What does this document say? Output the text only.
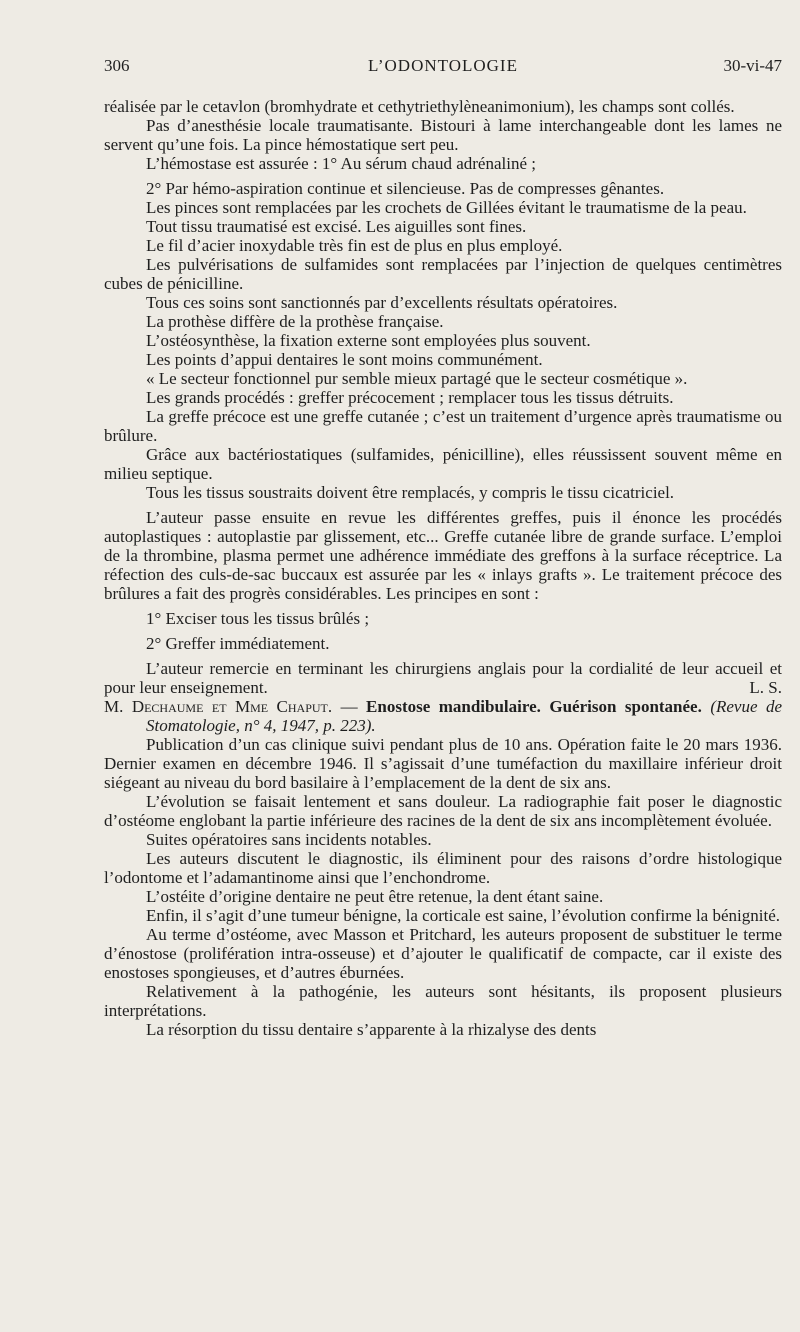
306	L’ODONTOLOGIE	30-vi-47

réalisée par le cetavlon (bromhydrate et cethytriethylèneanimonium), les champs sont collés.

Pas d’anesthésie locale traumatisante. Bistouri à lame interchangeable dont les lames ne servent qu’une fois. La pince hémostatique sert peu.

L’hémostase est assurée : 1° Au sérum chaud adrénaliné ;

2° Par hémo-aspiration continue et silencieuse. Pas de compresses gênantes.

Les pinces sont remplacées par les crochets de Gillées évitant le traumatisme de la peau.

Tout tissu traumatisé est excisé. Les aiguilles sont fines.

Le fil d’acier inoxydable très fin est de plus en plus employé.

Les pulvérisations de sulfamides sont remplacées par l’injection de quelques centimètres cubes de pénicilline.

Tous ces soins sont sanctionnés par d’excellents résultats opératoires.

La prothèse diffère de la prothèse française.

L’ostéosynthèse, la fixation externe sont employées plus souvent.

Les points d’appui dentaires le sont moins communément.

« Le secteur fonctionnel pur semble mieux partagé que le secteur cosmétique ».

Les grands procédés : greffer précocement ; remplacer tous les tissus détruits.

La greffe précoce est une greffe cutanée ; c’est un traitement d’urgence après traumatisme ou brûlure.

Grâce aux bactériostatiques (sulfamides, pénicilline), elles réussissent souvent même en milieu septique.

Tous les tissus soustraits doivent être remplacés, y compris le tissu cicatriciel.

L’auteur passe ensuite en revue les différentes greffes, puis il énonce les procédés autoplastiques : autoplastie par glissement, etc... Greffe cutanée libre de grande surface. L’emploi de la thrombine, plasma permet une adhérence immédiate des greffons à la surface réceptrice. La réfection des culs-de-sac buccaux est assurée par les « inlays grafts ». Le traitement précoce des brûlures a fait des progrès considérables. Les principes en sont :

1° Exciser tous les tissus brûlés ;

2° Greffer immédiatement.

L’auteur remercie en terminant les chirurgiens anglais pour la cordialité de leur accueil et pour leur enseignement.	L. S.

M. Dechaume et Mme Chaput. — Enostose mandibulaire. Guérison spontanée. (Revue de Stomatologie, n° 4, 1947, p. 223).

Publication d’un cas clinique suivi pendant plus de 10 ans. Opération faite le 20 mars 1936. Dernier examen en décembre 1946. Il s’agissait d’une tuméfaction du maxillaire inférieur droit siégeant au niveau du bord basilaire à l’emplacement de la dent de six ans.

L’évolution se faisait lentement et sans douleur. La radiographie fait poser le diagnostic d’ostéome englobant la partie inférieure des racines de la dent de six ans incomplètement évoluée.

Suites opératoires sans incidents notables.

Les auteurs discutent le diagnostic, ils éliminent pour des raisons d’ordre histologique l’odontome et l’adamantinome ainsi que l’enchondrome.

L’ostéite d’origine dentaire ne peut être retenue, la dent étant saine.

Enfin, il s’agit d’une tumeur bénigne, la corticale est saine, l’évolution confirme la bénignité.

Au terme d’ostéome, avec Masson et Pritchard, les auteurs proposent de substituer le terme d’énostose (prolifération intra-osseuse) et d’ajouter le qualificatif de compacte, car il existe des enostoses spongieuses, et d’autres éburnées.

Relativement à la pathogénie, les auteurs sont hésitants, ils proposent plusieurs interprétations.

La résorption du tissu dentaire s’apparente à la rhizalyse des dents
